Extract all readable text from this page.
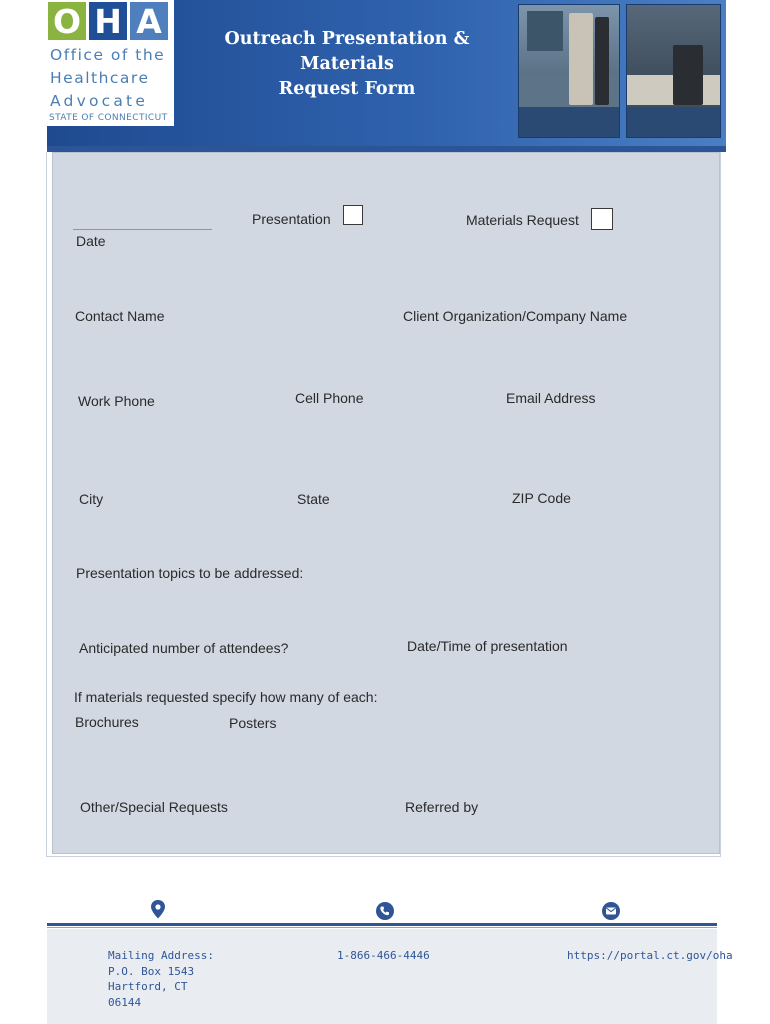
O H A
Office of the
Healthcare
Advocate
STATE OF CONNECTICUT
Outreach Presentation & Materials
Request Form
Date
Presentation	Materials Request
Contact Name	Client Organization/Company Name
Work Phone	Cell Phone	Email Address
City	State	ZIP Code
Presentation topics to be addressed:
Anticipated number of attendees?	Date/Time of presentation
If materials requested specify how many of each:
Brochures	Posters
Other/Special Requests	Referred by
Mailing Address:
P.O. Box 1543
Hartford, CT
06144
1-866-466-4446	https://portal.ct.gov/oha
